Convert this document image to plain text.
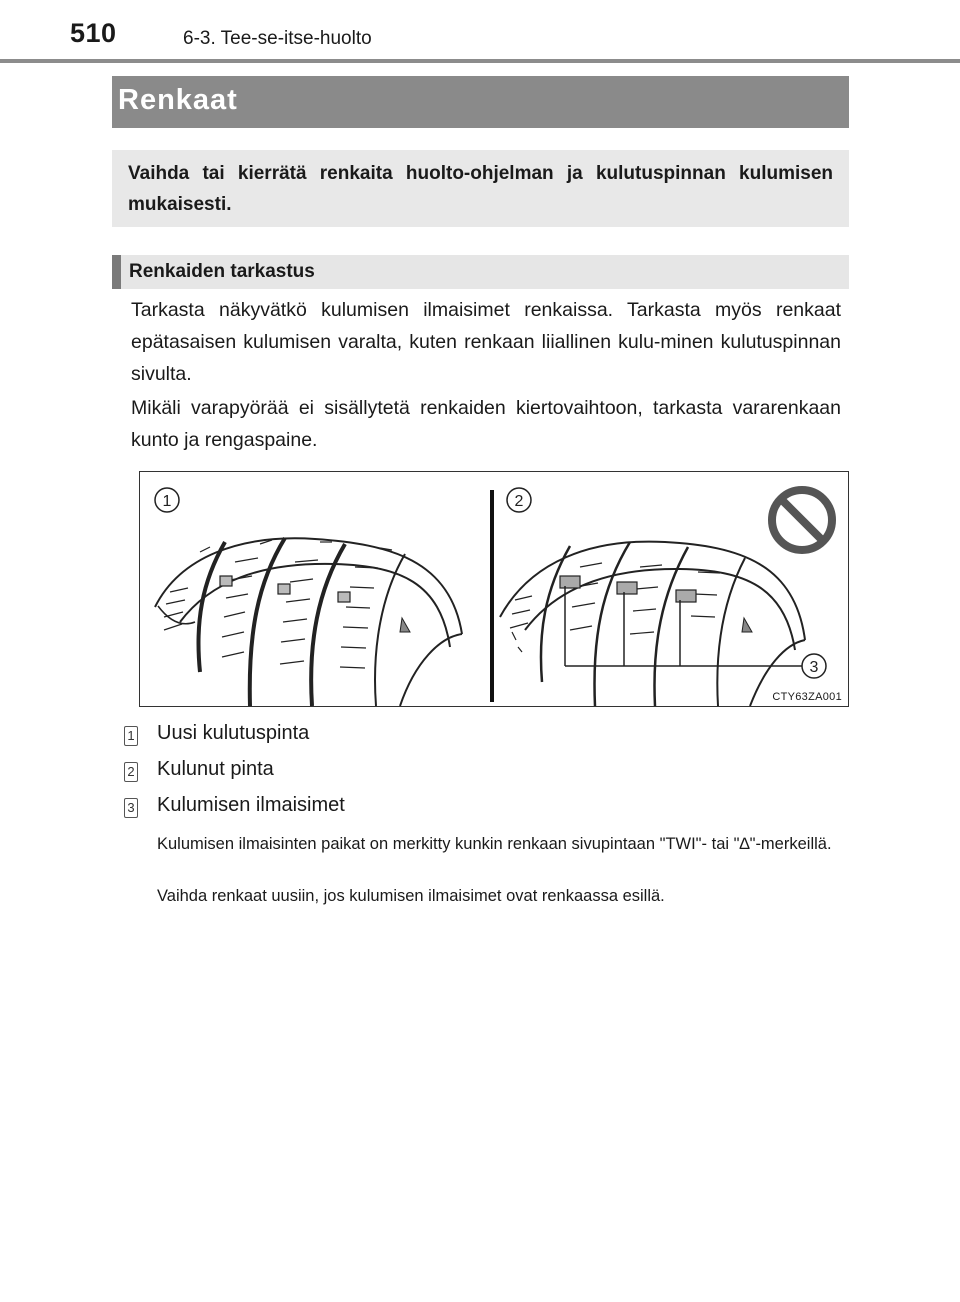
510	6-3. Tee-se-itse-huolto
Renkaat
Vaihda tai kierrätä renkaita huolto-ohjelman ja kulutuspinnan kulumisen mukaisesti.
Renkaiden tarkastus
Tarkasta näkyvätkö kulumisen ilmaisimet renkaissa. Tarkasta myös renkaat epätasaisen kulumisen varalta, kuten renkaan liiallinen kulu-minen kulutuspinnan sivulta.
Mikäli varapyörää ei sisällytetä renkaiden kiertovaihtoon, tarkasta vararenkaan kunto ja rengaspaine.
1	2
3
CTY63ZA001
1 Uusi kulutuspinta
2 Kulunut pinta
3 Kulumisen ilmaisimet
Kulumisen ilmaisinten paikat on merkitty kunkin renkaan sivupintaan "TWI"- tai "∆"-merkeillä.
Vaihda renkaat uusiin, jos kulumisen ilmaisimet ovat renkaassa esillä.
